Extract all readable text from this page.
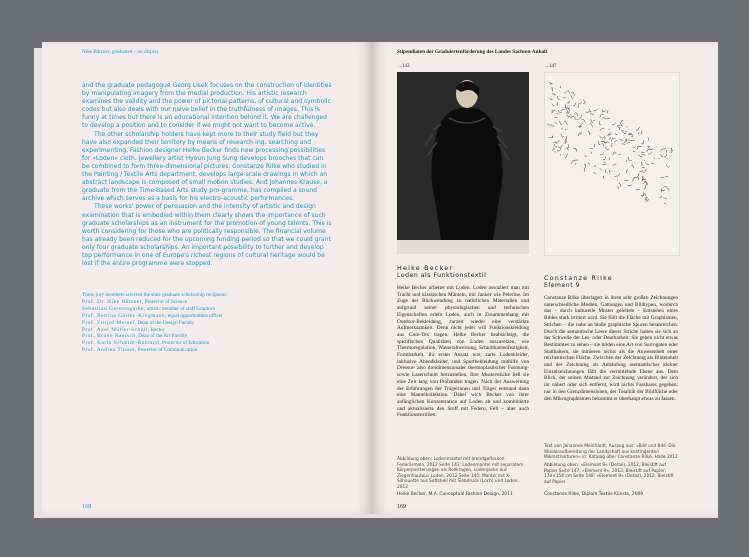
Nike Bätzner, graduated – on display

and the graduate pedagogue Georg Lisek focuses on the construction of identities by manipulating imagery from the medial production. His artistic research examines the validity and the power of pictorial patterns, of cultural and symbolic codes but also deals with our naive belief in the truthfulness of images. This is funny at times but there is an educational intention behind it. We are challenged to develop a position and to consider if we might not want to become active.

The other scholarship holders have kept more to their study field but they have also expanded their territory by means of research-ing, searching and experimenting. Fashion designer Heike Becker finds new processing possibilities for »Loden« cloth. Jewellery artist Hyoun Jung Sung develops brooches that can be combined to form three-dimensional pictures. Constanze Rilke who studied in the Painting / Textile Arts department, develops large-scale drawings in which an abstract landscape is composed of small motion studies. And Johannes Krause, a graduate from the Time-Based Arts study pro-gramme, has compiled a sound archive which serves as a basis for his electro-acoustic performances.

These works' power of persuasion and the intensity of artistic and design examination that is embodied within them clearly shows the importance of such graduate scholarships as an instrument for the promotion of young talents. This is worth considering for those who are politically responsible. The financial volume has already been reduced for the upcoming funding period so that we could grant only four graduate scholarships. An important possibility to further and develop top performance in one of Europe's richest regions of cultural heritage would be lost if the entire programme were stopped.

These jury members selected the state graduate scholarship recipients:
Prof. Dr. Nike Bätzner, Prorector of Science
Sebastian Gerstengarbe, artistic member of staff Graphics
Prof. Bettina Göttke-Krogmann, equal opportunities officer
Prof. Fritjof Meinel, Dean of the Design Faculty
Prof. Axel Müller-Schöll, Rector
Prof. Bruno Raetsch, Dean of the Art Faculty
Prof. Karin Schmidt-Ruhland, Prorector of Education
Prof. Andrea Tinnes, Prorector of Communication
168
Stipendiaten der Graduiertenförderung des Landes Sachsen-Anhalt
→143
Heike Becker
Loden als Funktionstextil
Heike Becker arbeitet mit Loden. Loden assoziiert man mit Tracht und klassischen Mänteln, mit Janker wie Pelerine. Im Zuge der Rückwendung zu natürlichen Materialien und aufgrund seiner physiologischen und technischen Eigenschaften erlebt Loden, auch in Zusammenhang mit Outdoor-Bekleidung, zurzeit wieder eine verstärkte Aufmerksamkeit. Denn nicht jeder will Funktionskleidung aus Gore-Tex tragen. Heike Becker beabsichtigt, die spezifischen Qualitäten von Loden auszureizen, wie Thermoregulation, Wasserabweisung, Schnittkantenfestigkeit, Formbarkeit. Ihr erster Ansatz war, zarte Lodenkleider, inklusive Abendkleider, und Sportbekleidung mithilfe von Dressur- also dreidimensionaler thermoplastischer Formung- sowie Laserschnitt herzustellen. Ihre Musterstücke ließ sie eine Zeit lang von Probanden tragen. Nach der Auswertung der Erfahrungen der Trägerinnen und Träger entstand dann eine Mantelkollektion. Dabei wich Becker von ihrer anfänglichen Konzentration auf Loden ab und kombinierte und aktualisierte den Stoff mit Federn, Fell – aber auch Funktionstextilien.
Abbildung oben: Lodenmantel mit arendgeflossen Federärmeln, 2012 Seite 143: Lodenmantel mit separatem Körperpolsterungen als Rollkragen, Lodenjacke aus Ziegenhautaus Loden, 2012 Seite 145: Mantel mit K-Silhouette aus Softshell mit Siebdruck (Loch) und Loden, 2012
Heike Becker, M.A. Conceptual Fashion Design, 2011
→147
Constanze Rilke
Element 9
Constanze Rilke überlagert in ihren sehr großen Zeichnungen unterschiedliche Medien, Gattungen und Bildtypen, wodurch das – durch kulturelle Muster geleitete – Entstehen eines Bildes stark irritiert wird. Sie füllt die Fläche mit Graphismen, Strichen – die nahe an bloße graphische Spuren heranreichen. Durch die semantische Leere dieser Striche halten sie sich an der Schwelle der Les- oder Deutbarkeit: Sie geben nicht etwas Bestimmtes zu sehen – sie bilden eine Art von Surrogaten oder Statthaltern, sie initiieren nichts als die Anwesenheit einer reichentischen Fläche. Zwischen der Zeichnung als Bildeinheit und der Zeichnung als Anhäufung asemantischer kleiner Einzelzeichnungen fällt die vermittelnde Ebene aus. Dem Blick, der seinen Abstand zur Zeichnung verändert, der sich ihr nähert oder sich entfernt, wird nichts Fassbares gegeben; nur in den Grenzdimensionen, der Totalität der Bildfläche oder den Mikrographismen bekommt er überhaupt etwas zu fassen.
Text von Johannes Meinhardt, Auszug aus: »Bild und Bild. Die Wiederaufbereitung der Landschaft aus kontingenten Mikrostrukturen« in: Katalog über Constanze Rilke, Halle 2012
Abbildung oben: »Element 9« (Detail), 2012, Bleistift auf Papier Seite 147: »Element 9«, 2012, Bleistift auf Papier, 170×154 cm Seite 148: »Element 9« (Detail), 2012, Bleistift auf Papier
Constanze Rilke, Diplom Textile Künste, 2009
169
